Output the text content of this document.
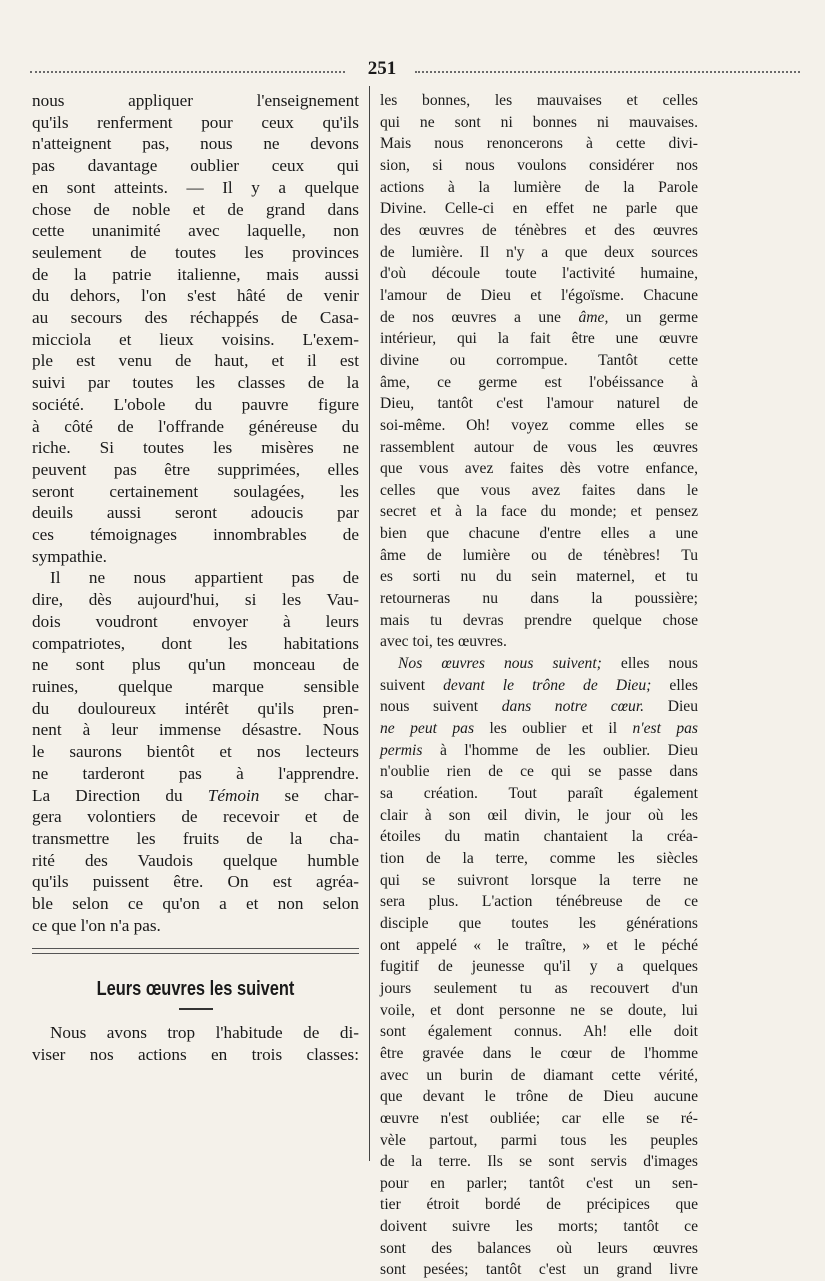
251
nous appliquer l'enseignement
qu'ils renferment pour ceux qu'ils
n'atteignent pas, nous ne devons
pas davantage oublier ceux qui
en sont atteints. — Il y a quelque
chose de noble et de grand dans
cette unanimité avec laquelle, non
seulement de toutes les provinces
de la patrie italienne, mais aussi
du dehors, l'on s'est hâté de venir
au secours des réchappés de Casa-
micciola et lieux voisins. L'exem-
ple est venu de haut, et il est
suivi par toutes les classes de la
société. L'obole du pauvre figure
à côté de l'offrande généreuse du
riche. Si toutes les misères ne
peuvent pas être supprimées, elles
seront certainement soulagées, les
deuils aussi seront adoucis par
ces témoignages innombrables de
sympathie.
Il ne nous appartient pas de
dire, dès aujourd'hui, si les Vau-
dois voudront envoyer à leurs
compatriotes, dont les habitations
ne sont plus qu'un monceau de
ruines, quelque marque sensible
du douloureux intérêt qu'ils pren-
nent à leur immense désastre. Nous
le saurons bientôt et nos lecteurs
ne tarderont pas à l'apprendre.
La Direction du Témoin se char-
gera volontiers de recevoir et de
transmettre les fruits de la cha-
rité des Vaudois quelque humble
qu'ils puissent être. On est agréa-
ble selon ce qu'on a et non selon
ce que l'on n'a pas.
Leurs œuvres les suivent
Nous avons trop l'habitude de di-
viser nos actions en trois classes:
les bonnes, les mauvaises et celles
qui ne sont ni bonnes ni mauvaises.
Mais nous renoncerons à cette divi-
sion, si nous voulons considérer nos
actions à la lumière de la Parole
Divine. Celle-ci en effet ne parle que
des œuvres de ténèbres et des œuvres
de lumière. Il n'y a que deux sources
d'où découle toute l'activité humaine,
l'amour de Dieu et l'égoïsme. Chacune
de nos œuvres a une âme, un germe
intérieur, qui la fait être une œuvre
divine ou corrompue. Tantôt cette
âme, ce germe est l'obéissance à
Dieu, tantôt c'est l'amour naturel de
soi-même. Oh! voyez comme elles se
rassemblent autour de vous les œuvres
que vous avez faites dès votre enfance,
celles que vous avez faites dans le
secret et à la face du monde; et pensez
bien que chacune d'entre elles a une
âme de lumière ou de ténèbres! Tu
es sorti nu du sein maternel, et tu
retourneras nu dans la poussière;
mais tu devras prendre quelque chose
avec toi, tes œuvres.
Nos œuvres nous suivent; elles nous
suivent devant le trône de Dieu; elles
nous suivent dans notre cœur. Dieu
ne peut pas les oublier et il n'est pas
permis à l'homme de les oublier. Dieu
n'oublie rien de ce qui se passe dans
sa création. Tout paraît également
clair à son œil divin, le jour où les
étoiles du matin chantaient la créa-
tion de la terre, comme les siècles
qui se suivront lorsque la terre ne
sera plus. L'action ténébreuse de ce
disciple que toutes les générations
ont appelé « le traître, » et le péché
fugitif de jeunesse qu'il y a quelques
jours seulement tu as recouvert d'un
voile, et dont personne ne se doute, lui
sont également connus. Ah! elle doit
être gravée dans le cœur de l'homme
avec un burin de diamant cette vérité,
que devant le trône de Dieu aucune
œuvre n'est oubliée; car elle se ré-
vèle partout, parmi tous les peuples
de la terre. Ils se sont servis d'images
pour en parler; tantôt c'est un sen-
tier étroit bordé de précipices que
doivent suivre les morts; tantôt ce
sont des balances où leurs œuvres
sont pesées; tantôt c'est un grand livre
